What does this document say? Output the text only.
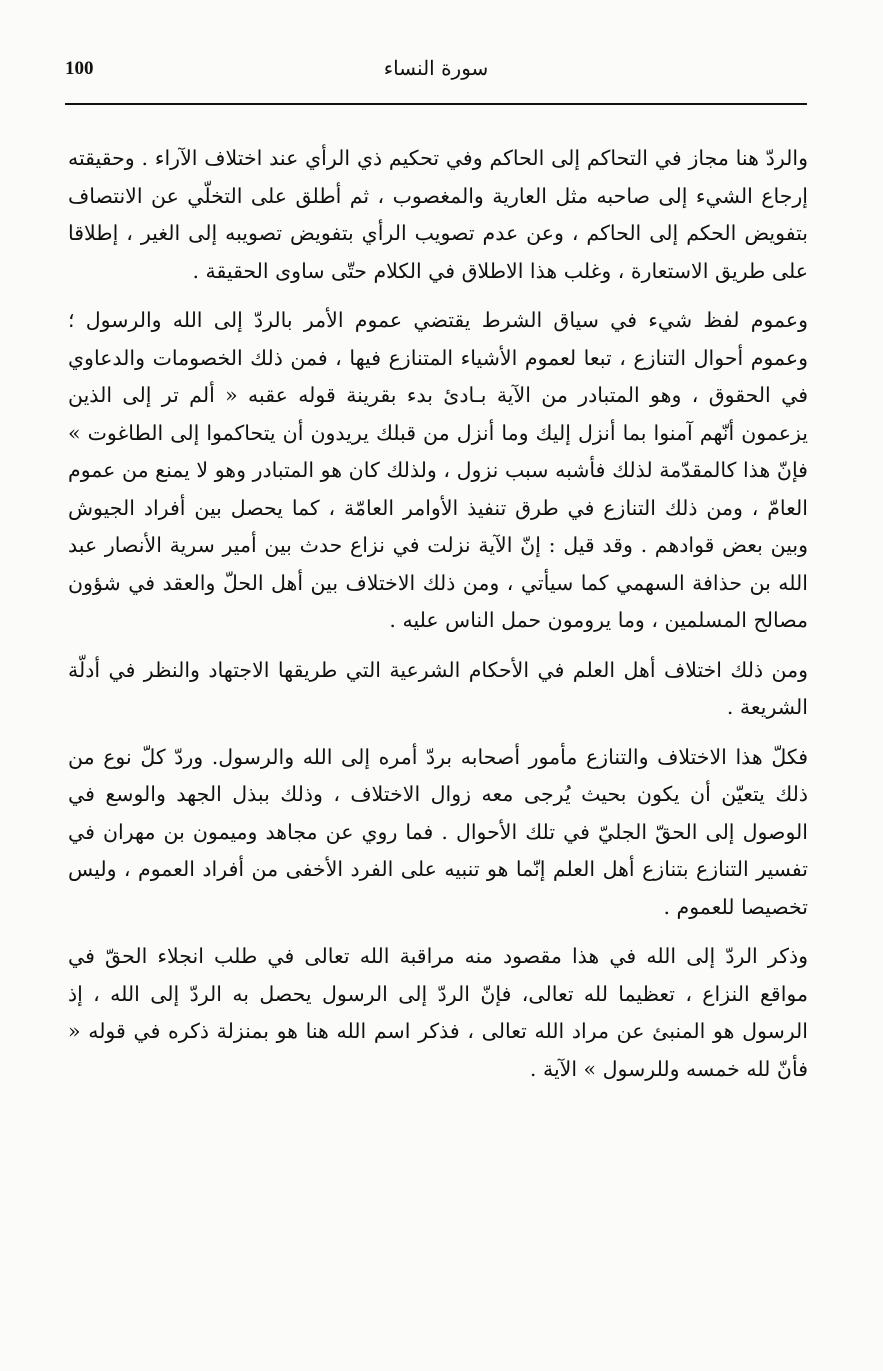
100	سورة النساء

والردّ هنا مجاز في التحاكم إلى الحاكم وفي تحكيم ذي الرأي عند اختلاف الآراء . وحقيقته إرجاع الشيء إلى صاحبه مثل العارية والمغصوب ، ثم أطلق على التخلّي عن الانتصاف بتفويض الحكم إلى الحاكم ، وعن عدم تصويب الرأي بتفويض تصويبه إلى الغير ، إطلاقا على طريق الاستعارة ، وغلب هذا الاطلاق في الكلام حتّى ساوى الحقيقة .

وعموم لفظ شيء في سياق الشرط يقتضي عموم الأمر بالردّ إلى الله والرسول ؛ وعموم أحوال التنازع ، تبعا لعموم الأشياء المتنازع فيها ، فمن ذلك الخصومات والدعاوي في الحقوق ، وهو المتبادر من الآية بـادئ بدء بقرينة قوله عقبه « ألم تر إلى الذين يزعمون أنّهم آمنوا بما أنزل إليك وما أنزل من قبلك يريدون أن يتحاكموا إلى الطاغوت » فإنّ هذا كالمقدّمة لذلك فأشبه سبب نزول ، ولذلك كان هو المتبادر وهو لا يمنع من عموم العامّ ، ومن ذلك التنازع في طرق تنفيذ الأوامر العامّة ، كما يحصل بين أفراد الجيوش وبين بعض قوادهم . وقد قيل : إنّ الآية نزلت في نزاع حدث بين أمير سرية الأنصار عبد الله بن حذافة السهمي كما سيأتي ، ومن ذلك الاختلاف بين أهل الحلّ والعقد في شؤون مصالح المسلمين ، وما يرومون حمل الناس عليه .

ومن ذلك اختلاف أهل العلم في الأحكام الشرعية التي طريقها الاجتهاد والنظر في أدلّة الشريعة .

فكلّ هذا الاختلاف والتنازع مأمور أصحابه بردّ أمره إلى الله والرسول. وردّ كلّ نوع من ذلك يتعيّن أن يكون بحيث يُرجى معه زوال الاختلاف ، وذلك ببذل الجهد والوسع في الوصول إلى الحقّ الجليّ في تلك الأحوال . فما روي عن مجاهد وميمون بن مهران في تفسير التنازع بتنازع أهل العلم إنّما هو تنبيه على الفرد الأخفى من أفراد العموم ، وليس تخصيصا للعموم .

وذكر الردّ إلى الله في هذا مقصود منه مراقبة الله تعالى في طلب انجلاء الحقّ في مواقع النزاع ، تعظيما لله تعالى، فإنّ الردّ إلى الرسول يحصل به الردّ إلى الله ، إذ الرسول هو المنبئ عن مراد الله تعالى ، فذكر اسم الله هنا هو بمنزلة ذكره في قوله « فأنّ لله خمسه وللرسول » الآية .
